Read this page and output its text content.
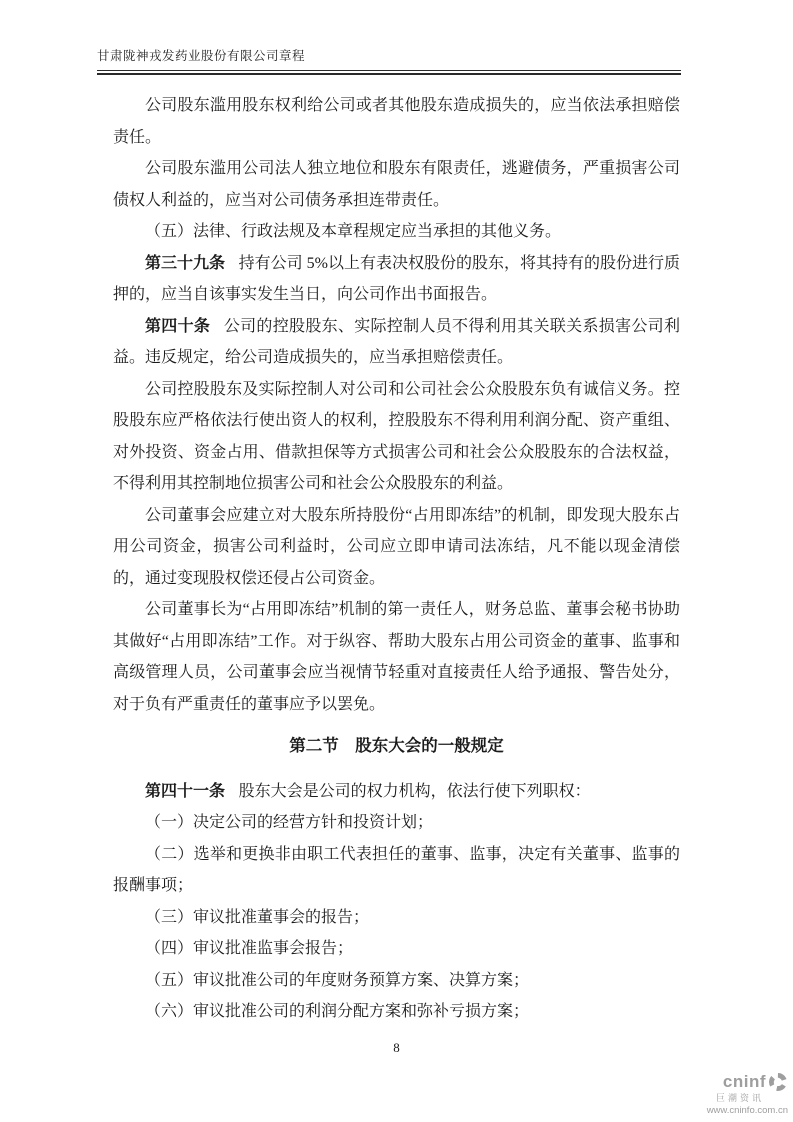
甘肃陇神戎发药业股份有限公司章程

公司股东滥用股东权利给公司或者其他股东造成损失的，应当依法承担赔偿责任。

公司股东滥用公司法人独立地位和股东有限责任，逃避债务，严重损害公司债权人利益的，应当对公司债务承担连带责任。

（五）法律、行政法规及本章程规定应当承担的其他义务。

第三十九条 持有公司 5%以上有表决权股份的股东，将其持有的股份进行质押的，应当自该事实发生当日，向公司作出书面报告。

第四十条 公司的控股股东、实际控制人员不得利用其关联关系损害公司利益。违反规定，给公司造成损失的，应当承担赔偿责任。

公司控股股东及实际控制人对公司和公司社会公众股股东负有诚信义务。控股股东应严格依法行使出资人的权利，控股股东不得利用利润分配、资产重组、对外投资、资金占用、借款担保等方式损害公司和社会公众股股东的合法权益，不得利用其控制地位损害公司和社会公众股股东的利益。

公司董事会应建立对大股东所持股份“占用即冻结”的机制，即发现大股东占用公司资金，损害公司利益时，公司应立即申请司法冻结，凡不能以现金清偿的，通过变现股权偿还侵占公司资金。

公司董事长为“占用即冻结”机制的第一责任人，财务总监、董事会秘书协助其做好“占用即冻结”工作。对于纵容、帮助大股东占用公司资金的董事、监事和高级管理人员，公司董事会应当视情节轻重对直接责任人给予通报、警告处分，对于负有严重责任的董事应予以罢免。

第二节　股东大会的一般规定

第四十一条 股东大会是公司的权力机构，依法行使下列职权：

（一）决定公司的经营方针和投资计划；

（二）选举和更换非由职工代表担任的董事、监事，决定有关董事、监事的报酬事项；

（三）审议批准董事会的报告；

（四）审议批准监事会报告；

（五）审议批准公司的年度财务预算方案、决算方案；

（六）审议批准公司的利润分配方案和弥补亏损方案；

8
cninf
巨潮资讯
www.cninfo.com.cn
